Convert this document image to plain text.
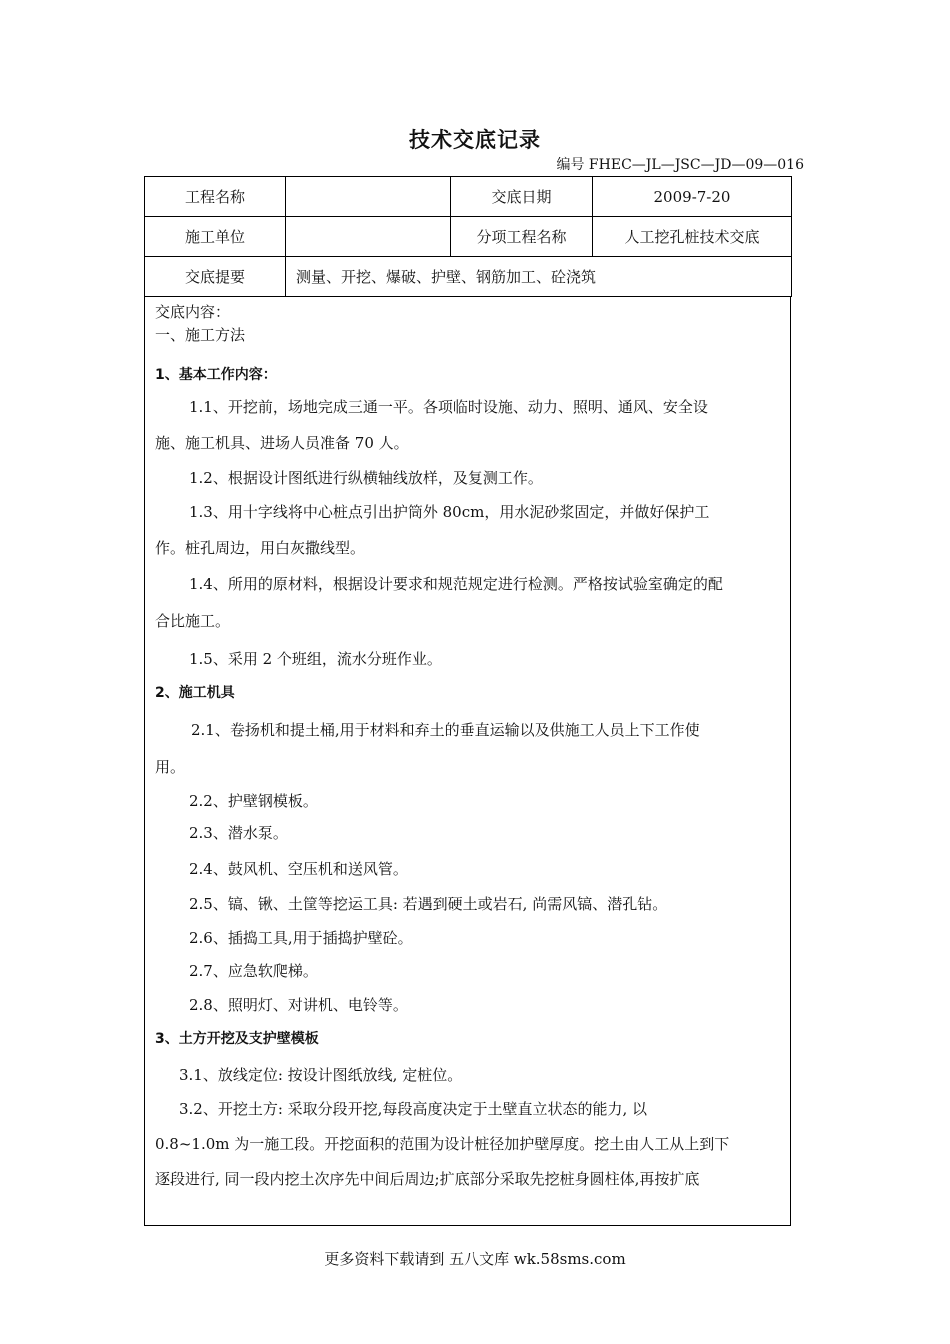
技术交底记录
编号 FHEC—JL—JSC—JD—09—016
工程名称		交底日期	2009-7-20
施工单位		分项工程名称	人工挖孔桩技术交底
交底提要	测量、开挖、爆破、护壁、钢筋加工、砼浇筑		
交底内容：
一、施工方法
1、基本工作内容：
1.1、开挖前，场地完成三通一平。各项临时设施、动力、照明、通风、安全设
施、施工机具、进场人员准备 70 人。
1.2、根据设计图纸进行纵横轴线放样，及复测工作。
1.3、用十字线将中心桩点引出护筒外 80cm，用水泥砂浆固定，并做好保护工
作。桩孔周边，用白灰撒线型。
1.4、所用的原材料，根据设计要求和规范规定进行检测。严格按试验室确定的配
合比施工。
1.5、采用 2 个班组，流水分班作业。
2、施工机具
2.1、卷扬机和提土桶,用于材料和弃土的垂直运输以及供施工人员上下工作使
用。
2.2、护壁钢模板。
2.3、潜水泵。
2.4、鼓风机、空压机和送风管。
2.5、镐、锹、土筐等挖运工具: 若遇到硬土或岩石, 尚需风镐、潜孔钻。
2.6、插捣工具,用于插捣护壁砼。
2.7、应急软爬梯。
2.8、照明灯、对讲机、电铃等。
3、土方开挖及支护壁模板
3.1、放线定位: 按设计图纸放线, 定桩位。
3.2、开挖土方: 采取分段开挖,每段高度决定于土壁直立状态的能力, 以
0.8~1.0m 为一施工段。开挖面积的范围为设计桩径加护壁厚度。挖土由人工从上到下
逐段进行, 同一段内挖土次序先中间后周边;扩底部分采取先挖桩身圆柱体,再按扩底
更多资料下载请到 五八文库 wk.58sms.com
